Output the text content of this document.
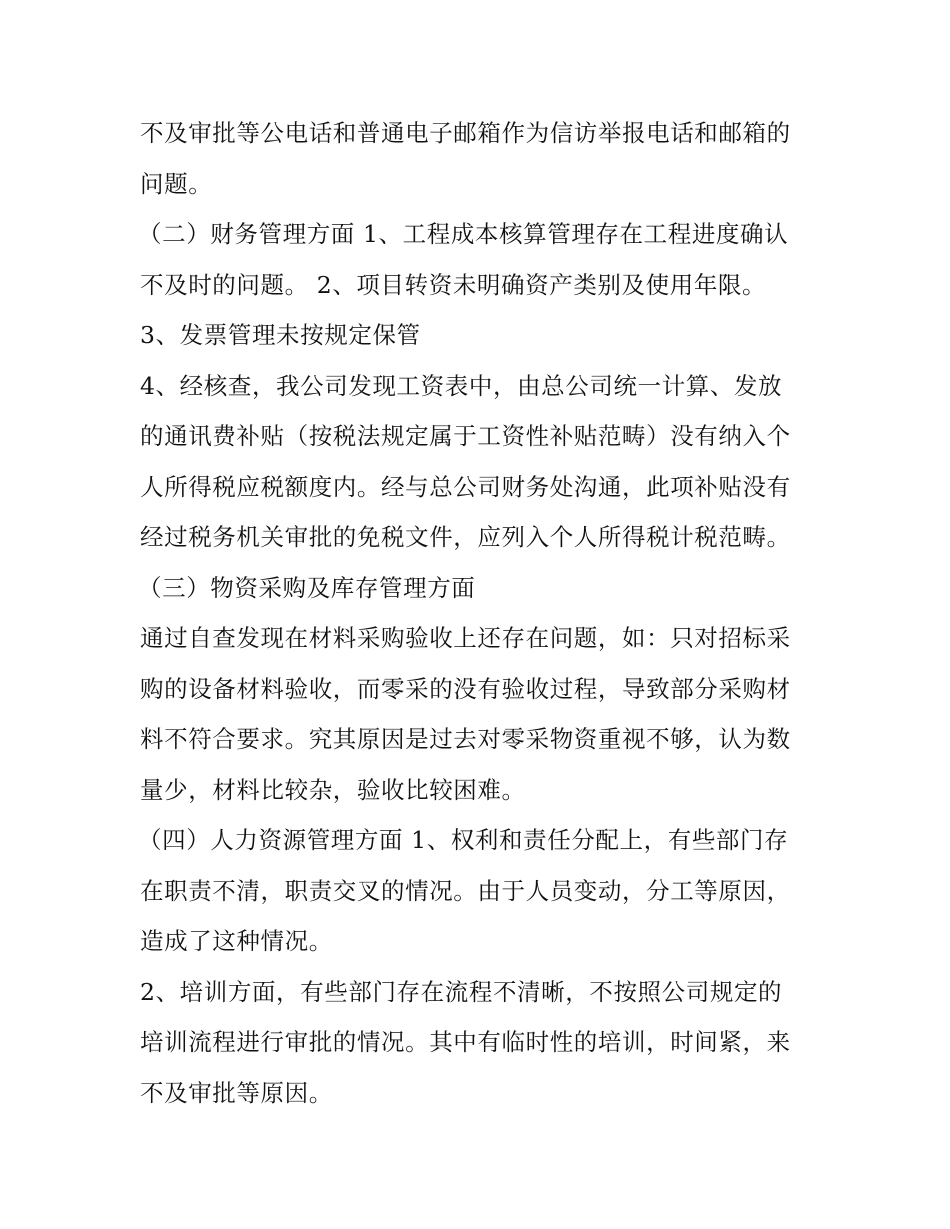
不及审批等公电话和普通电子邮箱作为信访举报电话和邮箱的
问题。
（二）财务管理方面 1、工程成本核算管理存在工程进度确认
不及时的问题。 2、项目转资未明确资产类别及使用年限。
3、发票管理未按规定保管
4、经核查，我公司发现工资表中，由总公司统一计算、发放
的通讯费补贴（按税法规定属于工资性补贴范畴）没有纳入个
人所得税应税额度内。经与总公司财务处沟通，此项补贴没有
经过税务机关审批的免税文件，应列入个人所得税计税范畴。
（三）物资采购及库存管理方面
通过自查发现在材料采购验收上还存在问题，如：只对招标采
购的设备材料验收，而零采的没有验收过程，导致部分采购材
料不符合要求。究其原因是过去对零采物资重视不够，认为数
量少，材料比较杂，验收比较困难。
（四）人力资源管理方面 1、权利和责任分配上，有些部门存
在职责不清，职责交叉的情况。由于人员变动，分工等原因，
造成了这种情况。
2、培训方面，有些部门存在流程不清晰，不按照公司规定的
培训流程进行审批的情况。其中有临时性的培训，时间紧，来
不及审批等原因。
